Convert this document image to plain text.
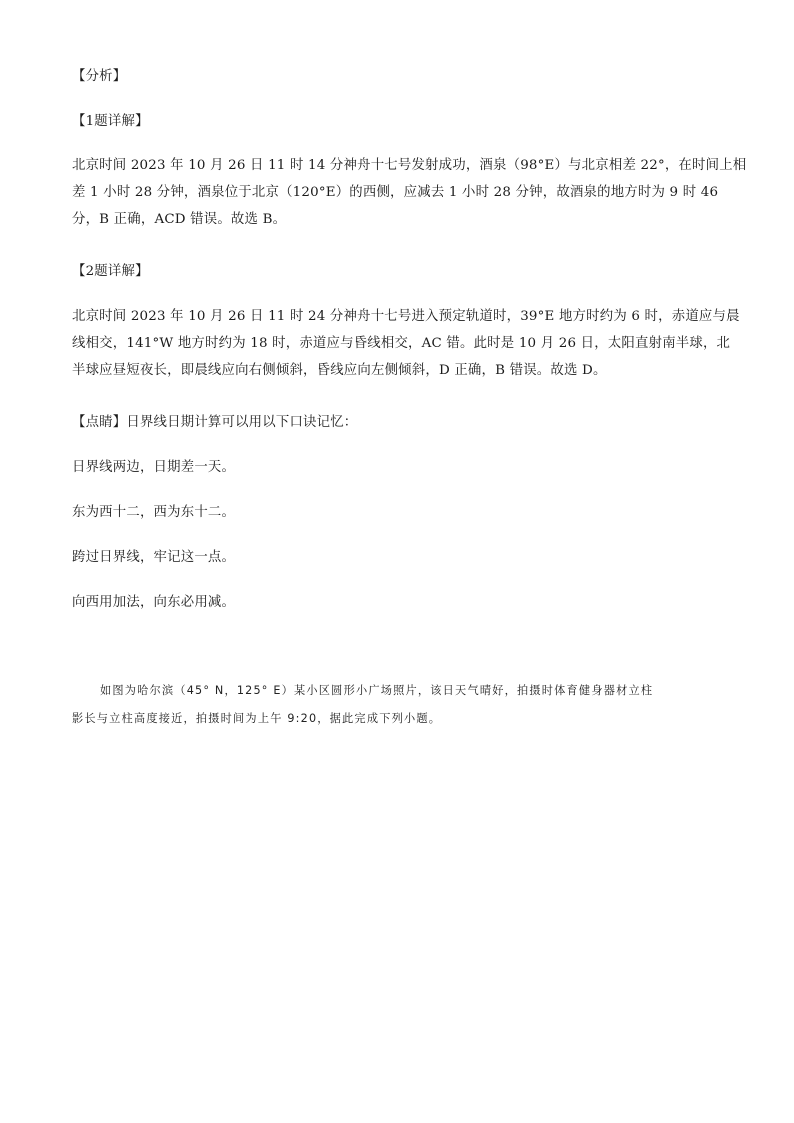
【分析】
【1题详解】
北京时间 2023 年 10 月 26 日 11 时 14 分神舟十七号发射成功，酒泉（98°E）与北京相差 22°，在时间上相
差 1 小时 28 分钟，酒泉位于北京（120°E）的西侧，应减去 1 小时 28 分钟，故酒泉的地方时为 9 时 46
分，B 正确，ACD 错误。故选 B。
【2题详解】
北京时间 2023 年 10 月 26 日 11 时 24 分神舟十七号进入预定轨道时，39°E 地方时约为 6 时，赤道应与晨
线相交，141°W 地方时约为 18 时，赤道应与昏线相交，AC 错。此时是 10 月 26 日，太阳直射南半球，北
半球应昼短夜长，即晨线应向右侧倾斜，昏线应向左侧倾斜，D 正确，B 错误。故选 D。
【点睛】日界线日期计算可以用以下口诀记忆：
日界线两边，日期差一天。
东为西十二，西为东十二。
跨过日界线，牢记这一点。
向西用加法，向东必用减。
如图为哈尔滨（45° N，125° E）某小区圆形小广场照片，该日天气晴好，拍摄时体育健身器材立柱
影长与立柱高度接近，拍摄时间为上午 9:20，据此完成下列小题。
